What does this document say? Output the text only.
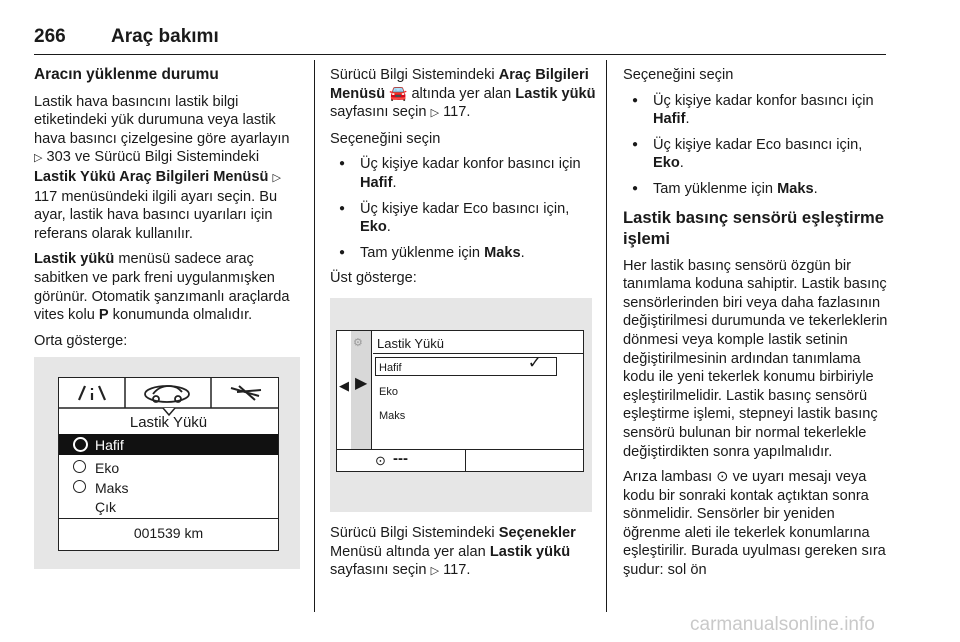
266 Araç bakımı
Aracın yüklenme durumu

Lastik hava basıncını lastik bilgi etiketindeki yük durumuna veya lastik hava basıncı çizelgesine göre ayarlayın ▷ 303 ve Sürücü Bilgi Sistemindeki Lastik Yükü Araç Bilgileri Menüsü ▷ 117 menüsündeki ilgili ayarı seçin. Bu ayar, lastik hava basıncı uyarıları için referans olarak kullanılır.

Lastik yükü menüsü sadece araç sabitken ve park freni uygulanmışken görünür. Otomatik şanzımanlı araçlarda vites kolu P konumunda olmalıdır.

Orta gösterge:

Lastik Yükü
Hafif
Eko
Maks
Çık
001539 km

Sürücü Bilgi Sistemindeki Araç Bilgileri Menüsü 🚘 altında yer alan Lastik yükü sayfasını seçin ▷ 117.

Seçeneğini seçin

● Üç kişiye kadar konfor basıncı için Hafif.
● Üç kişiye kadar Eco basıncı için, Eko.
● Tam yüklenme için Maks.

Üst gösterge:

◀ ▶
⚙ Lastik Yükü
Hafif	✓
Eko
Maks
⊙ ---

Sürücü Bilgi Sistemindeki Seçenekler Menüsü altında yer alan Lastik yükü sayfasını seçin ▷ 117.

Seçeneğini seçin

● Üç kişiye kadar konfor basıncı için Hafif.
● Üç kişiye kadar Eco basıncı için, Eko.
● Tam yüklenme için Maks.
Lastik basınç sensörü eşleştirme işlemi

Her lastik basınç sensörü özgün bir tanımlama koduna sahiptir. Lastik basınç sensörlerinden biri veya daha fazlasının değiştirilmesi durumunda ve tekerleklerin dönmesi veya komple lastik setinin değiştirilmesinin ardından tanımlama kodu ile yeni tekerlek konumu birbiriyle eşleştirilmelidir. Lastik basınç sensörü eşleştirme işlemi, stepneyi lastik basınç sensörü bulunan bir normal tekerlekle değiştirdikten sonra yapılmalıdır.

Arıza lambası ⊙ ve uyarı mesajı veya kodu bir sonraki kontak açtıktan sonra sönmelidir. Sensörler bir yeniden öğrenme aleti ile tekerlek konumlarına eşleştirilir. Burada uyulması gereken sıra şudur: sol ön

carmanualsonline.info
